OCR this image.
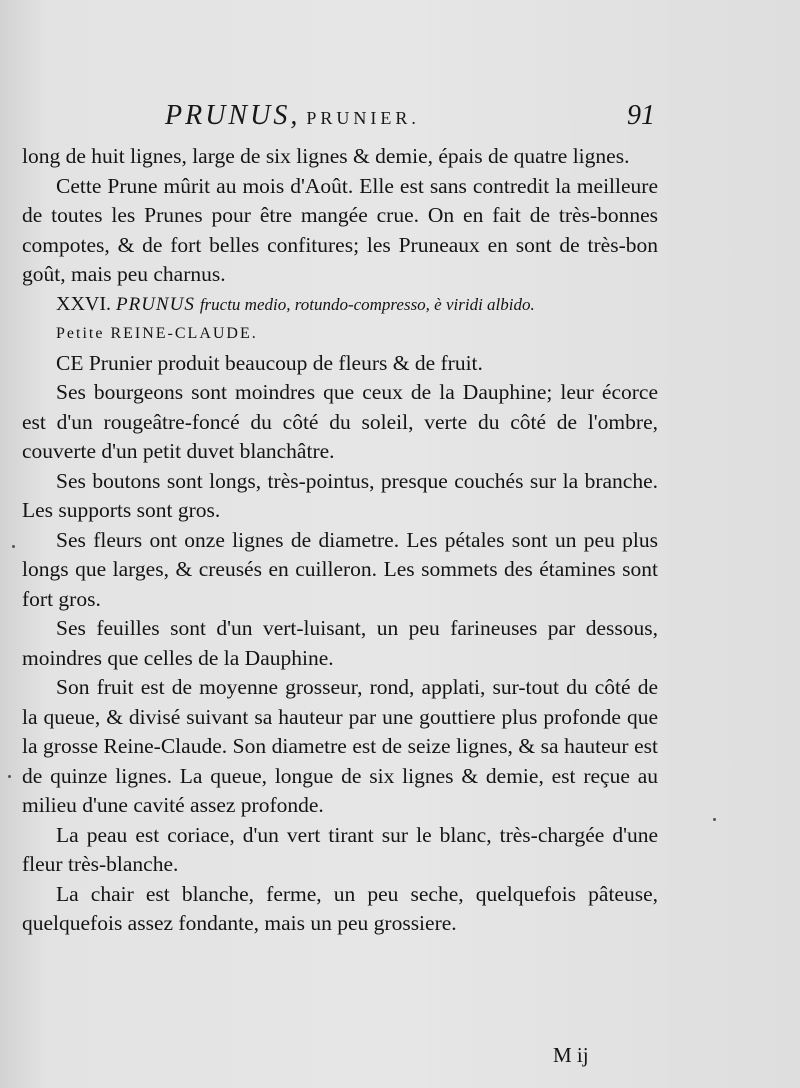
PRUNUS, PRUNIER.	91

long de huit lignes, large de six lignes & demie, épais de quatre lignes.

Cette Prune mûrit au mois d'Août. Elle est sans contredit la meilleure de toutes les Prunes pour être mangée crue. On en fait de très-bonnes compotes, & de fort belles confitures; les Pruneaux en sont de très-bon goût, mais peu charnus.

XXVI. PRUNUS fructu medio, rotundo-compresso, è viridi albido.

Petite REINE-CLAUDE.

CE Prunier produit beaucoup de fleurs & de fruit.

Ses bourgeons sont moindres que ceux de la Dauphine; leur écorce est d'un rougeâtre-foncé du côté du soleil, verte du côté de l'ombre, couverte d'un petit duvet blanchâtre.

Ses boutons sont longs, très-pointus, presque couchés sur la branche. Les supports sont gros.

Ses fleurs ont onze lignes de diametre. Les pétales sont un peu plus longs que larges, & creusés en cuilleron. Les sommets des étamines sont fort gros.

Ses feuilles sont d'un vert-luisant, un peu farineuses par dessous, moindres que celles de la Dauphine.

Son fruit est de moyenne grosseur, rond, applati, sur-tout du côté de la queue, & divisé suivant sa hauteur par une gouttiere plus profonde que la grosse Reine-Claude. Son diametre est de seize lignes, & sa hauteur est de quinze lignes. La queue, longue de six lignes & demie, est reçue au milieu d'une cavité assez profonde.

La peau est coriace, d'un vert tirant sur le blanc, très-chargée d'une fleur très-blanche.

La chair est blanche, ferme, un peu seche, quelquefois pâteuse, quelquefois assez fondante, mais un peu grossiere.

M ij
